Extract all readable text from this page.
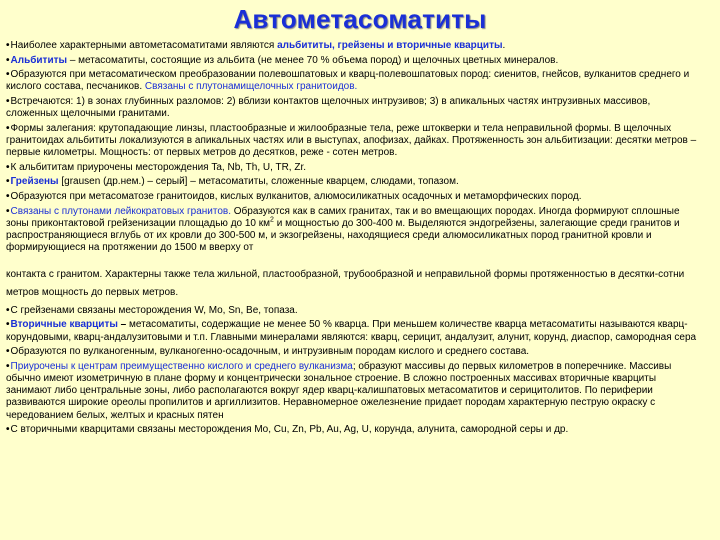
Автометасоматиты

•Наиболее характерными автометасоматитами являются альбититы, грейзены и вторичные кварциты.

•Альбититы – метасоматиты, состоящие из альбита (не менее 70 % объема пород) и щелочных цветных минералов.

•Образуются при метасоматическом преобразовании полевошпатовых и кварц-полевошпатовых пород: сиенитов, гнейсов, вулканитов среднего и кислого состава, песчаников. Связаны с плутонамищелочных гранитоидов.

•Встречаются: 1) в зонах глубинных разломов: 2) вблизи контактов щелочных интрузивов; 3) в апикальных частях интрузивных массивов, сложенных щелочными гранитами.

•Формы залегания: крутопадающие линзы, пластообразные и жилообразные тела, реже штокверки и тела неправильной формы. В щелочных гранитоидах альбититы локализуются в апикальных частях или в выступах, апофизах, дайках. Протяженность зон альбитизации: десятки метров – первые километры. Мощность: от первых метров до десятков, реже - сотен метров.

•К альбититам приурочены месторождения Ta, Nb, Th, U, TR, Zr.

•Грейзены [grausen (др.нем.) – серый] – метасоматиты, сложенные кварцем, слюдами, топазом.

•Образуются при метасоматозе гранитоидов, кислых вулканитов, алюмосиликатных осадочных и метаморфических пород.

•Связаны с плутонами лейкократовых гранитов. Образуются как в самих гранитах, так и во вмещающих породах. Иногда формируют сплошные зоны приконтактовой грейзенизации площадью до 10 $км^2$ и мощностью до 300-400 м. Выделяются эндогрейзены, залегающие среди гранитов и распространяющиеся вглубь от их кровли до 300-500 м, и экзогрейзены, находящиеся среди алюмосиликатных пород гранитной кровли и формирующиеся на протяжении до 1500 м вверху от

контакта с гранитом. Характерны также тела жильной, пластообразной, трубообразной и неправильной формы протяженностью в десятки-сотни метров мощность до первых метров.

•С грейзенами связаны месторождения W, Mo, Sn, Be, топаза.

•Вторичные кварциты – метасоматиты, содержащие не менее 50 % кварца. При меньшем количестве кварца метасоматиты называются кварц-корундовыми, кварц-андалузитовыми и т.п. Главными минералами являются: кварц, серицит, андалузит, алунит, корунд, диаспор, самородная сера

•Образуются по вулканогенным, вулканогенно-осадочным, и интрузивным породам кислого и среднего состава.

•Приурочены к центрам преимущественно кислого и среднего вулканизма; образуют массивы до первых километров в поперечнике. Массивы обычно имеют изометричную в плане форму и концентрически зональное строение. В сложно построенных массивах вторичные кварциты занимают либо центральные зоны, либо располагаются вокруг ядер кварц-калишпатовых метасоматитов и серицитолитов. По периферии развиваются широкие ореолы пропилитов и аргиллизитов. Неравномерное ожелезнение придает породам характерную пеструю окраску с чередованием белых, желтых и красных пятен

•С вторичными кварцитами связаны месторождения Mo, Cu, Zn, Pb, Au, Ag, U, корунда, алунита, самородной серы и др.
